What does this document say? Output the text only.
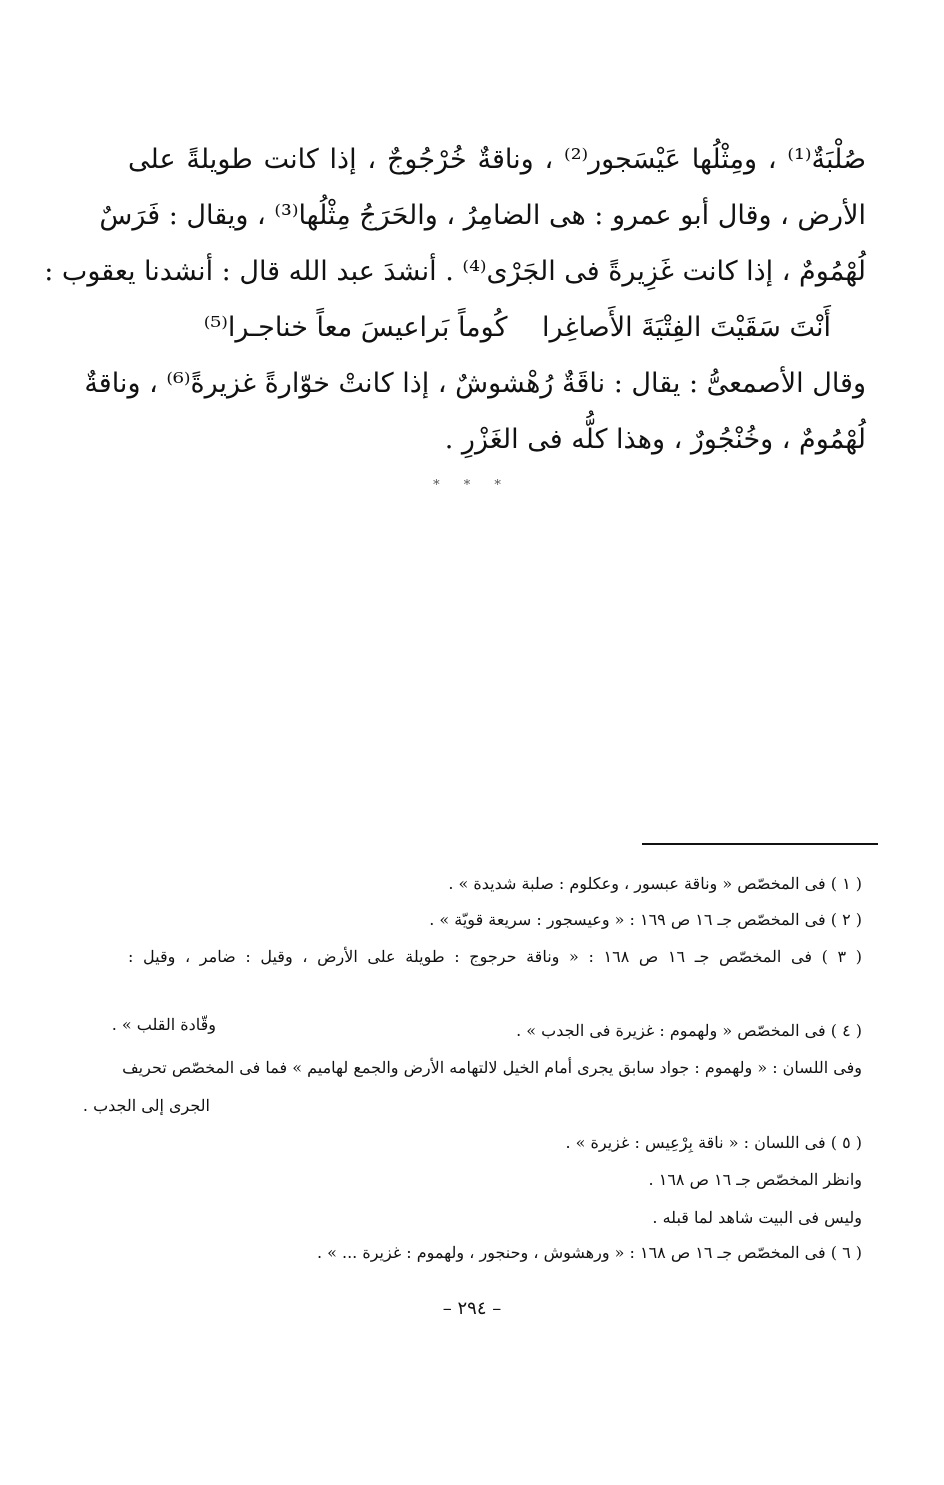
صُلْبَةٌ⁽¹⁾ ، ومِثْلُها عَيْسَجور⁽²⁾ ، وناقةٌ خُرْجُوجٌ ، إذا كانت طويلةً على
الأرض ، وقال أبو عمرو : هى الضامِرُ ، والحَرَجُ مِثْلُها⁽³⁾ ، ويقال : فَرَسٌ
لُهْمُومٌ ، إذا كانت غَزِيرةً فى الجَرْى⁽⁴⁾ . أنشدَ عبد الله قال : أنشدنا يعقوب :
أَنْتَ سَقَيْتَ الفِتْيَةَ الأَصاغِرا كُوماً بَراعيسَ معاً خناجـرا⁽⁵⁾
وقال الأصمعىُّ : يقال : ناقَةٌ رُهْشوشٌ ، إذا كانتْ خوّارةً غزيرةً⁽⁶⁾ ، وناقةٌ
لُهْمُومٌ ، وخُنْجُورٌ ، وهذا كلُّه فى الغَزْرِ .
* * *
( ١ ) فى المخصّص « وناقة عبسور ، وعكلوم : صلبة شديدة » .
( ٢ ) فى المخصّص جـ ١٦ ص ١٦٩ : « وعيسجور : سريعة قويّة » .
( ٣ ) فى المخصّص جـ ١٦ ص ١٦٨ : « وناقة حرجوج : طويلة على الأرض ، وقيل : ضامر ، وقيل :
وقّادة القلب » .	( ٤ ) فى المخصّص « ولهموم : غزيرة فى الجدب » .
وفى اللسان : « ولهموم : جواد سابق يجرى أمام الخيل لالتهامه الأرض والجمع لهاميم » فما فى المخصّص تحريف
الجرى إلى الجدب .
( ٥ ) فى اللسان : « ناقة بِرْعِيس : غزيرة » .
وانظر المخصّص جـ ١٦ ص ١٦٨ .
وليس فى البيت شاهد لما قبله .
( ٦ ) فى المخصّص جـ ١٦ ص ١٦٨ : « ورهشوش ، وحنجور ، ولهموم : غزيرة ... » .
– ٢٩٤ –
